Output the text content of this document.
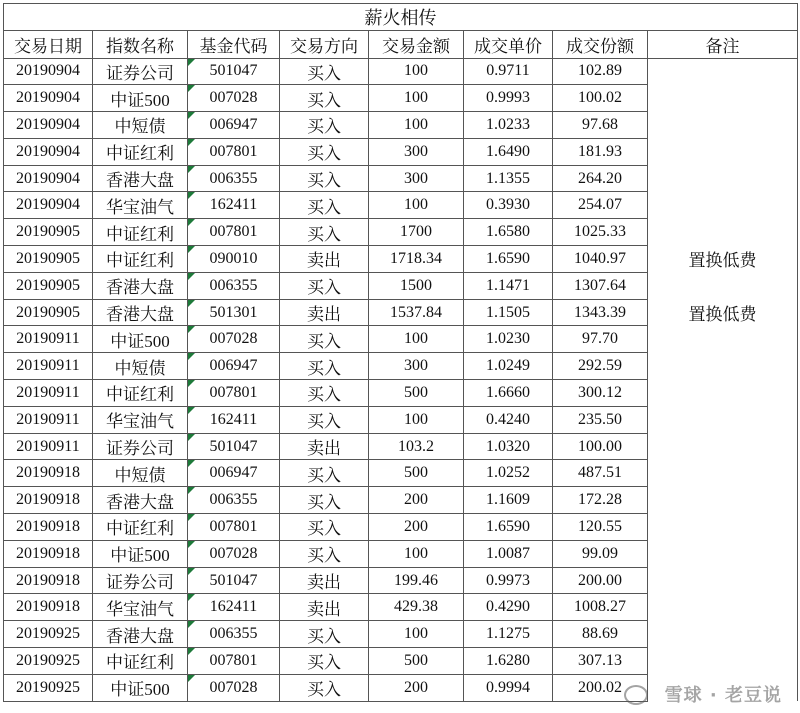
薪火相传							
交易日期	指数名称	基金代码	交易方向	交易金额	成交单价	成交份额	备注
20190904	证券公司	501047	买入	100	0.9711	102.89	
20190904	中证500	007028	买入	100	0.9993	100.02	
20190904	中短债	006947	买入	100	1.0233	97.68	
20190904	中证红利	007801	买入	300	1.6490	181.93	
20190904	香港大盘	006355	买入	300	1.1355	264.20	
20190904	华宝油气	162411	买入	100	0.3930	254.07	
20190905	中证红利	007801	买入	1700	1.6580	1025.33	
20190905	中证红利	090010	卖出	1718.34	1.6590	1040.97	置换低费
20190905	香港大盘	006355	买入	1500	1.1471	1307.64	
20190905	香港大盘	501301	卖出	1537.84	1.1505	1343.39	置换低费
20190911	中证500	007028	买入	100	1.0230	97.70	
20190911	中短债	006947	买入	300	1.0249	292.59	
20190911	中证红利	007801	买入	500	1.6660	300.12	
20190911	华宝油气	162411	买入	100	0.4240	235.50	
20190911	证券公司	501047	卖出	103.2	1.0320	100.00	
20190918	中短债	006947	买入	500	1.0252	487.51	
20190918	香港大盘	006355	买入	200	1.1609	172.28	
20190918	中证红利	007801	买入	200	1.6590	120.55	
20190918	中证500	007028	买入	100	1.0087	99.09	
20190918	证券公司	501047	卖出	199.46	0.9973	200.00	
20190918	华宝油气	162411	卖出	429.38	0.4290	1008.27	
20190925	香港大盘	006355	买入	100	1.1275	88.69	
20190925	中证红利	007801	买入	500	1.6280	307.13	
20190925	中证500	007028	买入	200	0.9994	200.02	雪球 · 老豆说
